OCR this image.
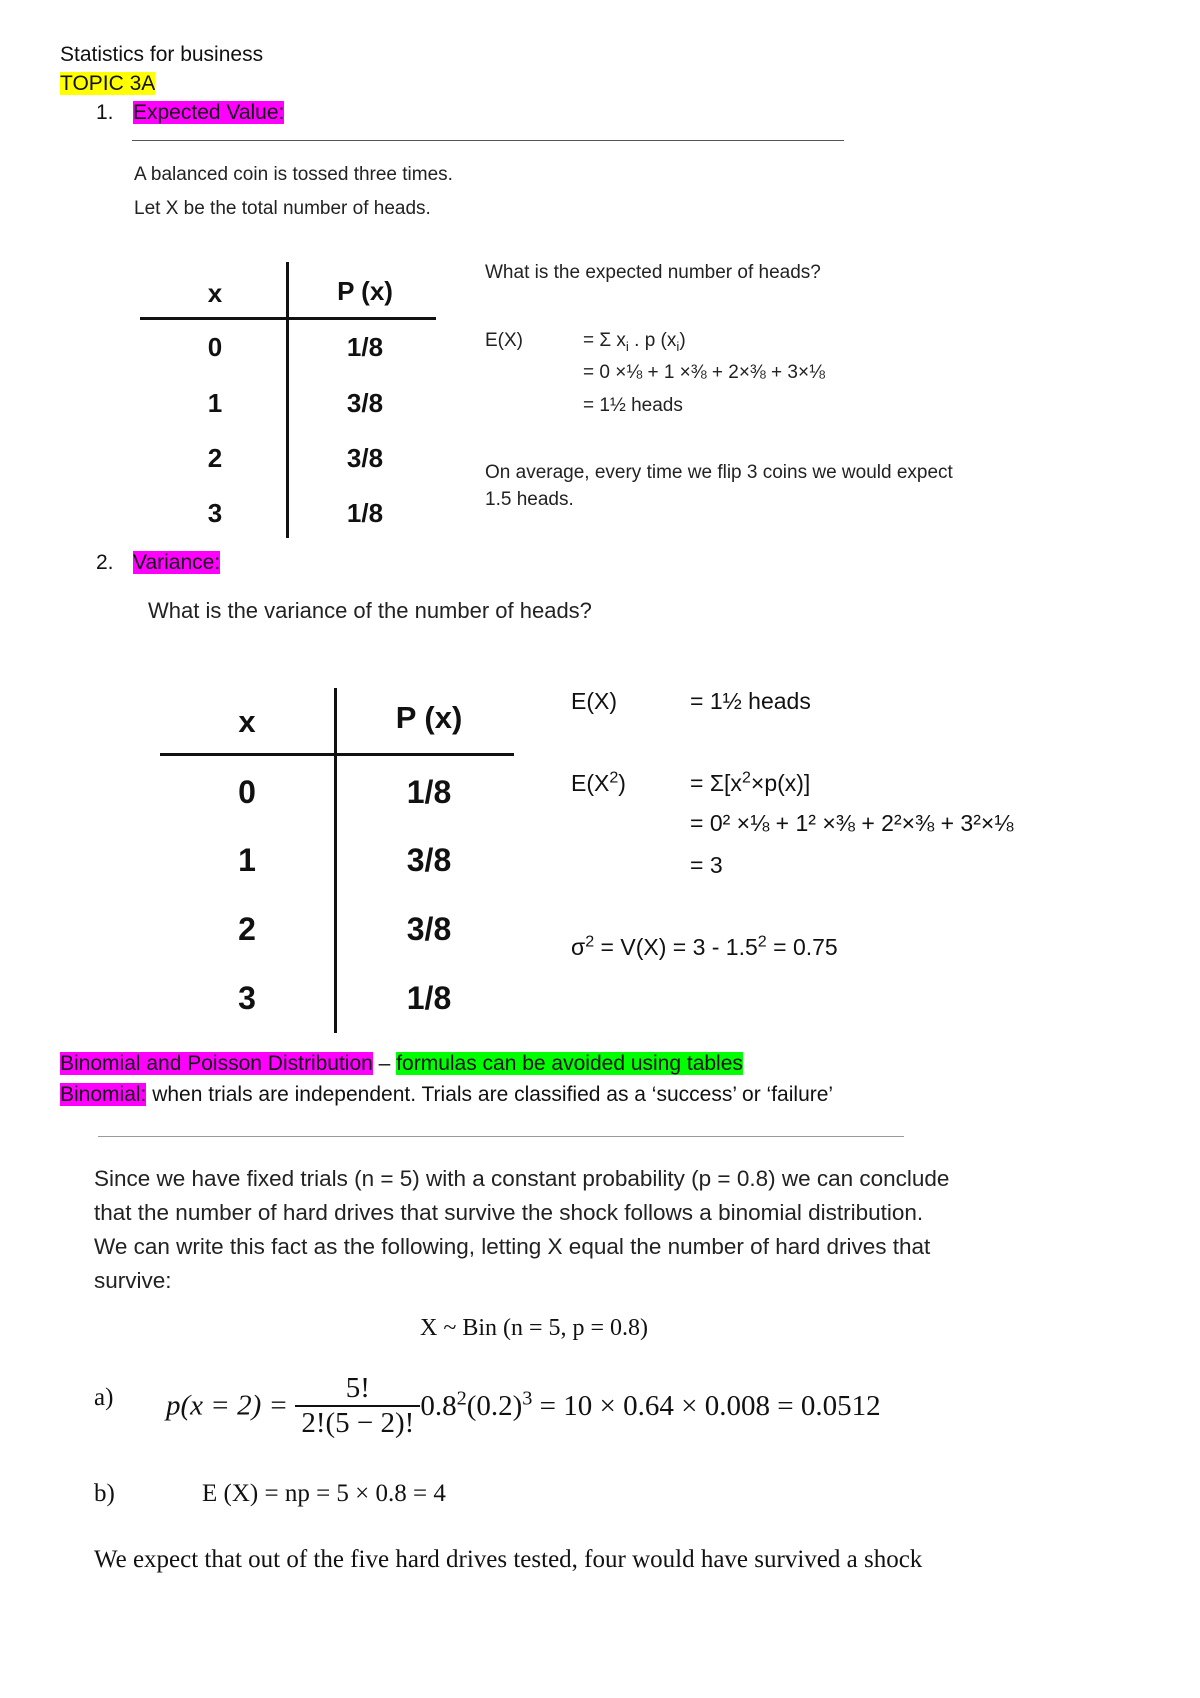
Statistics for business
TOPIC 3A
1. Expected Value:
A balanced coin is tossed three times.
Let X be the total number of heads.
x	P (x)
0	1/8
1	3/8
2	3/8
3	1/8
What is the expected number of heads?
E(X)	= Σ $x_i$ . p $(x_i)$
= 0 ×⅛ + 1 ×⅜ + 2×⅜ + 3×⅛
= 1½ heads
On average, every time we flip 3 coins we would expect
1.5 heads.
2. Variance:
What is the variance of the number of heads?
x	P (x)
0	1/8
1	3/8
2	3/8
3	1/8
E(X)	= 1½ heads
$E(X^2)$	= $\Sigma[x^2\times p(x)]$
= 0² ×⅛ + 1² ×⅜ + 2²×⅜ + 3²×⅛
= 3
$\sigma^2 = V(X) = 3 - 1.5^2 = 0.75$
Binomial and Poisson Distribution – formulas can be avoided using tables
Binomial: when trials are independent. Trials are classified as a ‘success’ or ‘failure’
Since we have fixed trials (n = 5) with a constant probability (p = 0.8) we can conclude
that the number of hard drives that survive the shock follows a binomial distribution.
We can write this fact as the following, letting X equal the number of hard drives that
survive:
X ~ Bin (n = 5, p = 0.8)
a) $p(x = 2) = \frac{5!}{2!(5 - 2)!} 0.8^2(0.2)^3 = 10 \times 0.64 \times 0.008 = 0.0512$
b)	E (X) = np = 5 × 0.8 = 4
We expect that out of the five hard drives tested, four would have survived a shock
